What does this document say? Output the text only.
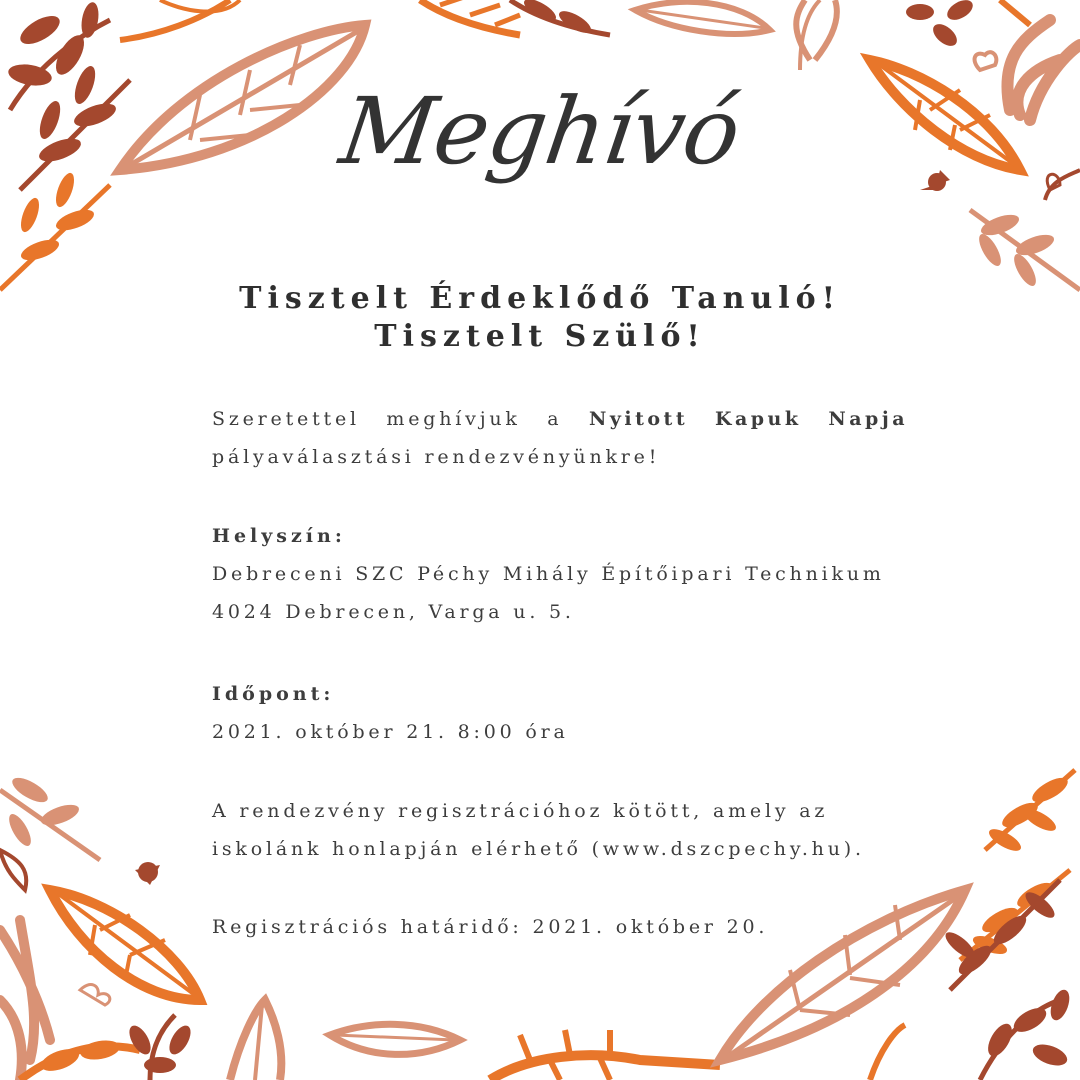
Meghívó
Tisztelt Érdeklődő Tanuló!
Tisztelt Szülő!
Szeretettel meghívjuk a Nyitott Kapuk Napja pályaválasztási rendezvényünkre!
Helyszín:
Debreceni SZC Péchy Mihály Építőipari Technikum
4024 Debrecen, Varga u. 5.
Időpont:
2021. október 21. 8:00 óra
A rendezvény regisztrációhoz kötött, amely az
iskolánk honlapján elérhető (www.dszcpechy.hu).
Regisztrációs határidő: 2021. október 20.
